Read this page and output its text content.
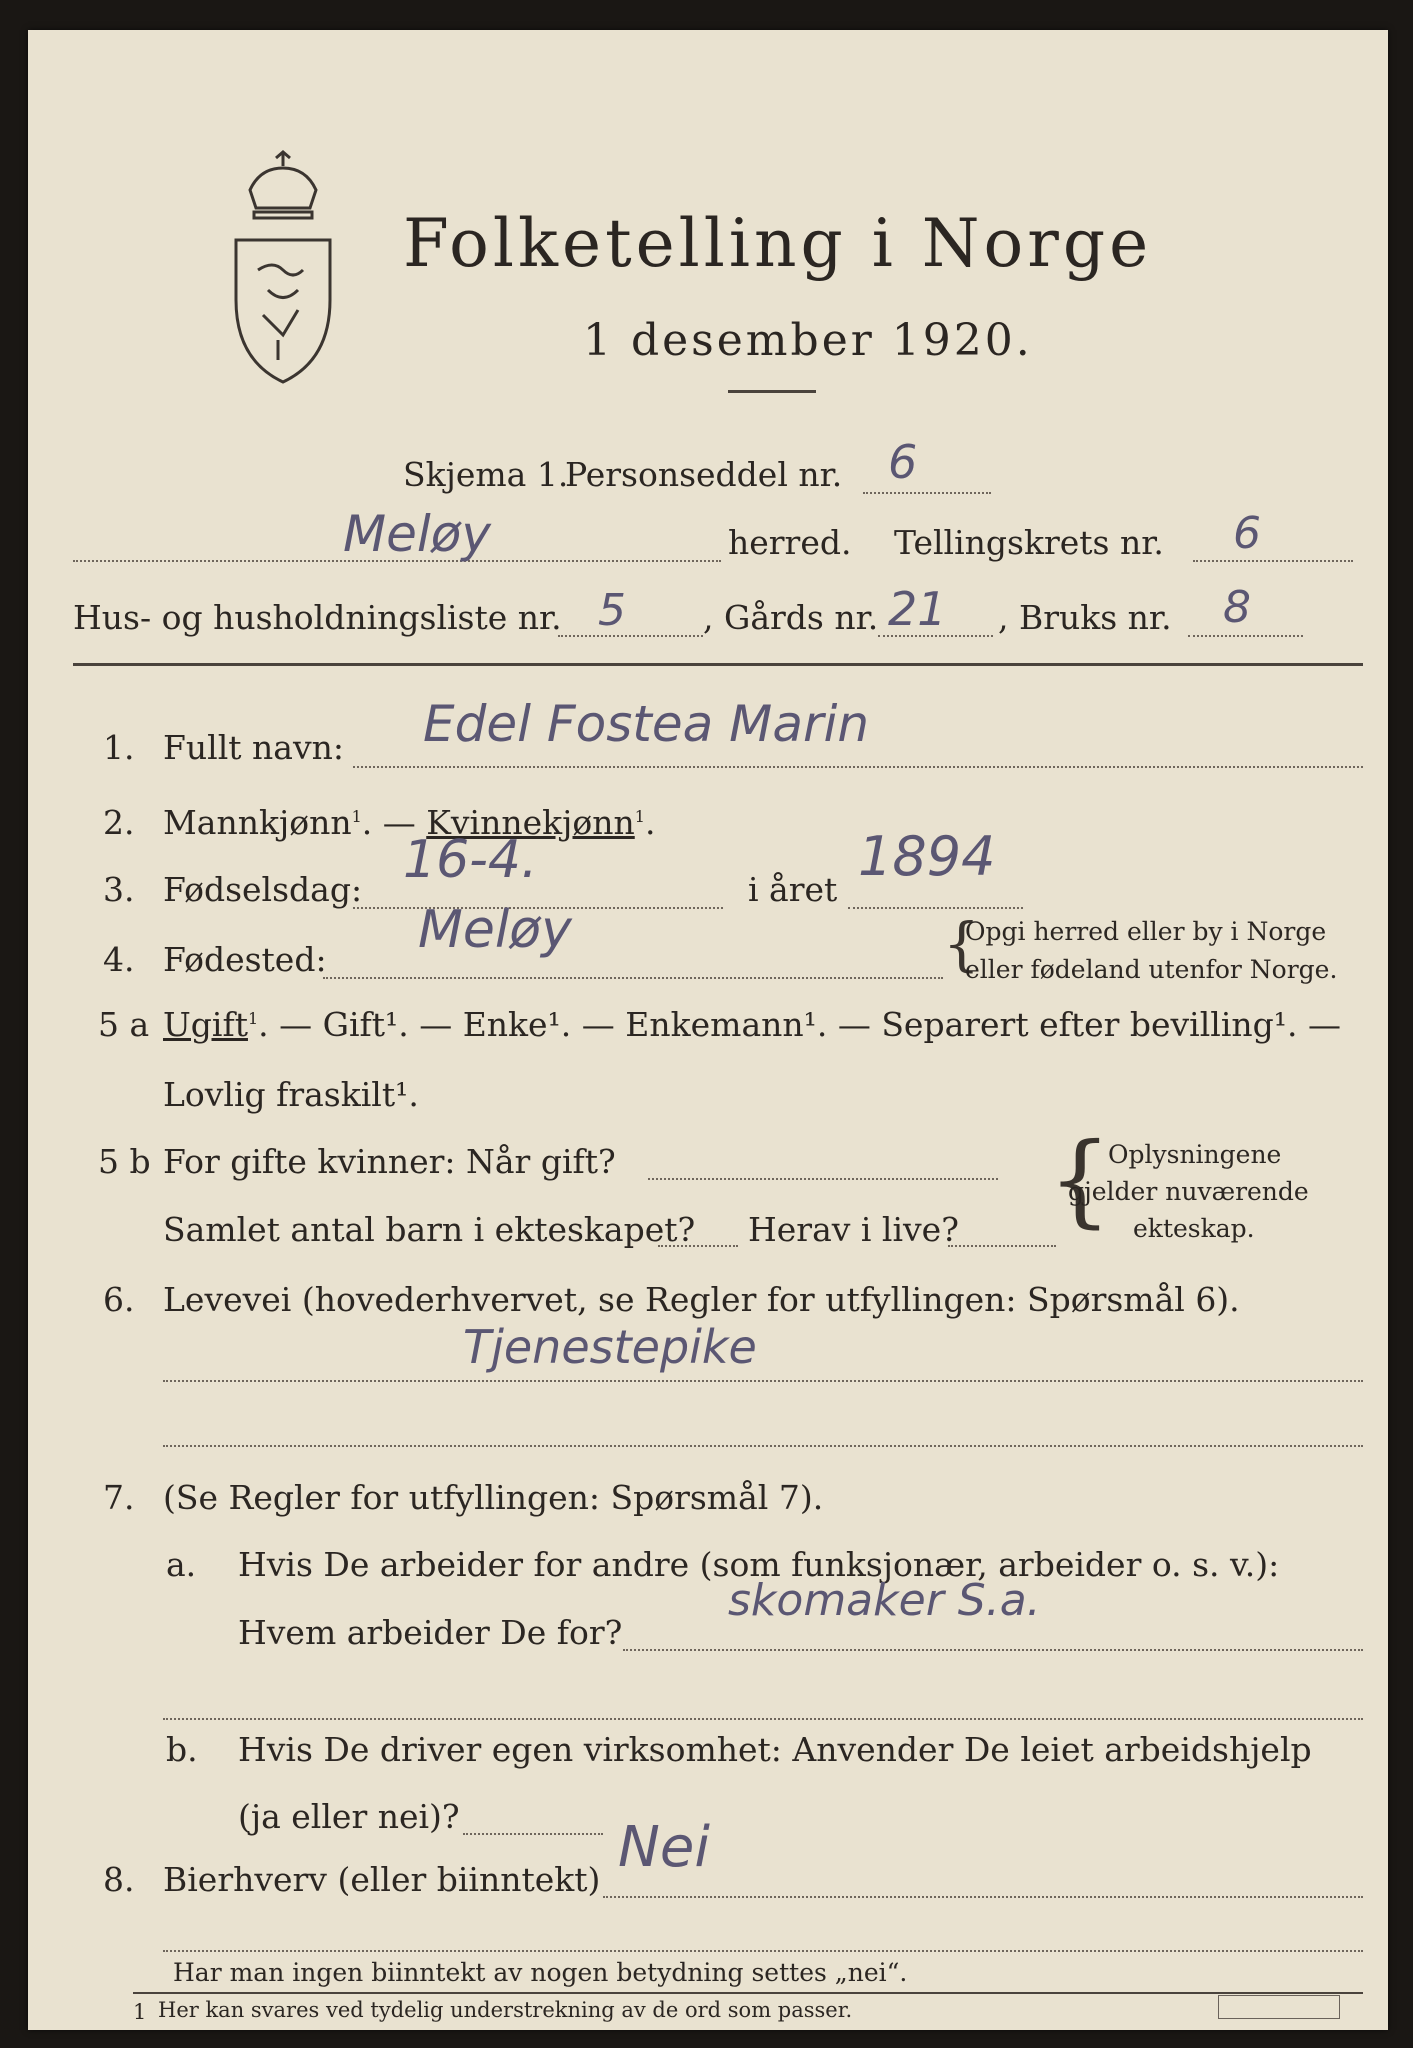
Folketelling i Norge
1 desember 1920.
Skjema 1.
Personseddel nr. 6
Meløy	herred. Tellingskrets nr. 6
Hus- og husholdningsliste nr. 5 , Gårds nr. 21 , Bruks nr. 8
1. Fullt navn: Edel Fostea Marin
2. Mannkjønn$^1$. — Kvinnekjønn$^1$.
3. Fødselsdag: 16-4.	i året
1894
4. Fødested: Meløy	{
Opgi herred eller by i Norge
eller fødeland utenfor Norge.
5 a Ugift$^1$. — Gift¹. — Enke¹. — Enkemann¹. — Separert efter bevilling¹. —
Lovlig fraskilt¹.
5 b For gifte kvinner: Når gift?
Samlet antal barn i ekteskapet? Herav i live? {
Oplysningene
gjelder nuværende
ekteskap.
6. Levevei (hovederhvervet, se Regler for utfyllingen: Spørsmål 6).
Tjenestepike
7. (Se Regler for utfyllingen: Spørsmål 7).
a. Hvis De arbeider for andre (som funksjonær, arbeider o. s. v.):
Hvem arbeider De for?
skomaker S.a.
b. Hvis De driver egen virksomhet: Anvender De leiet arbeidshjelp
(ja eller nei)?
8. Bierhverv (eller biinntekt) Nei
Har man ingen biinntekt av nogen betydning settes „nei“.
1 Her kan svares ved tydelig understrekning av de ord som passer.
